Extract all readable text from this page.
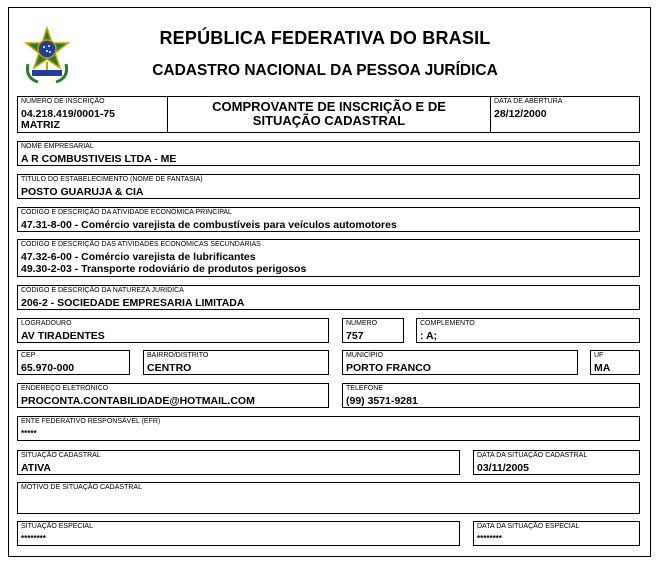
REPÚBLICA FEDERATIVA DO BRASIL
CADASTRO NACIONAL DA PESSOA JURÍDICA
NÚMERO DE INSCRIÇÃO
04.218.419/0001-75
MATRIZ
COMPROVANTE DE INSCRIÇÃO E DE
SITUAÇÃO CADASTRAL
DATA DE ABERTURA
28/12/2000
NOME EMPRESARIAL
A R COMBUSTIVEIS LTDA - ME
TÍTULO DO ESTABELECIMENTO (NOME DE FANTASIA)
POSTO GUARUJA & CIA
CÓDIGO E DESCRIÇÃO DA ATIVIDADE ECONÔMICA PRINCIPAL
47.31-8-00 - Comércio varejista de combustíveis para veículos automotores
CÓDIGO E DESCRIÇÃO DAS ATIVIDADES ECONÔMICAS SECUNDÁRIAS
47.32-6-00 - Comércio varejista de lubrificantes
49.30-2-03 - Transporte rodoviário de produtos perigosos
CÓDIGO E DESCRIÇÃO DA NATUREZA JURÍDICA
206-2 - SOCIEDADE EMPRESARIA LIMITADA
LOGRADOURO
AV TIRADENTES
NÚMERO
757
COMPLEMENTO
: A;
CEP
65.970-000
BAIRRO/DISTRITO
CENTRO
MUNICÍPIO
PORTO FRANCO
UF
MA
ENDEREÇO ELETRÔNICO
PROCONTA.CONTABILIDADE@HOTMAIL.COM
TELEFONE
(99) 3571-9281
ENTE FEDERATIVO RESPONSÁVEL (EFR)
*****
SITUAÇÃO CADASTRAL
ATIVA
DATA DA SITUAÇÃO CADASTRAL
03/11/2005
MOTIVO DE SITUAÇÃO CADASTRAL
SITUAÇÃO ESPECIAL
********
DATA DA SITUAÇÃO ESPECIAL
********
